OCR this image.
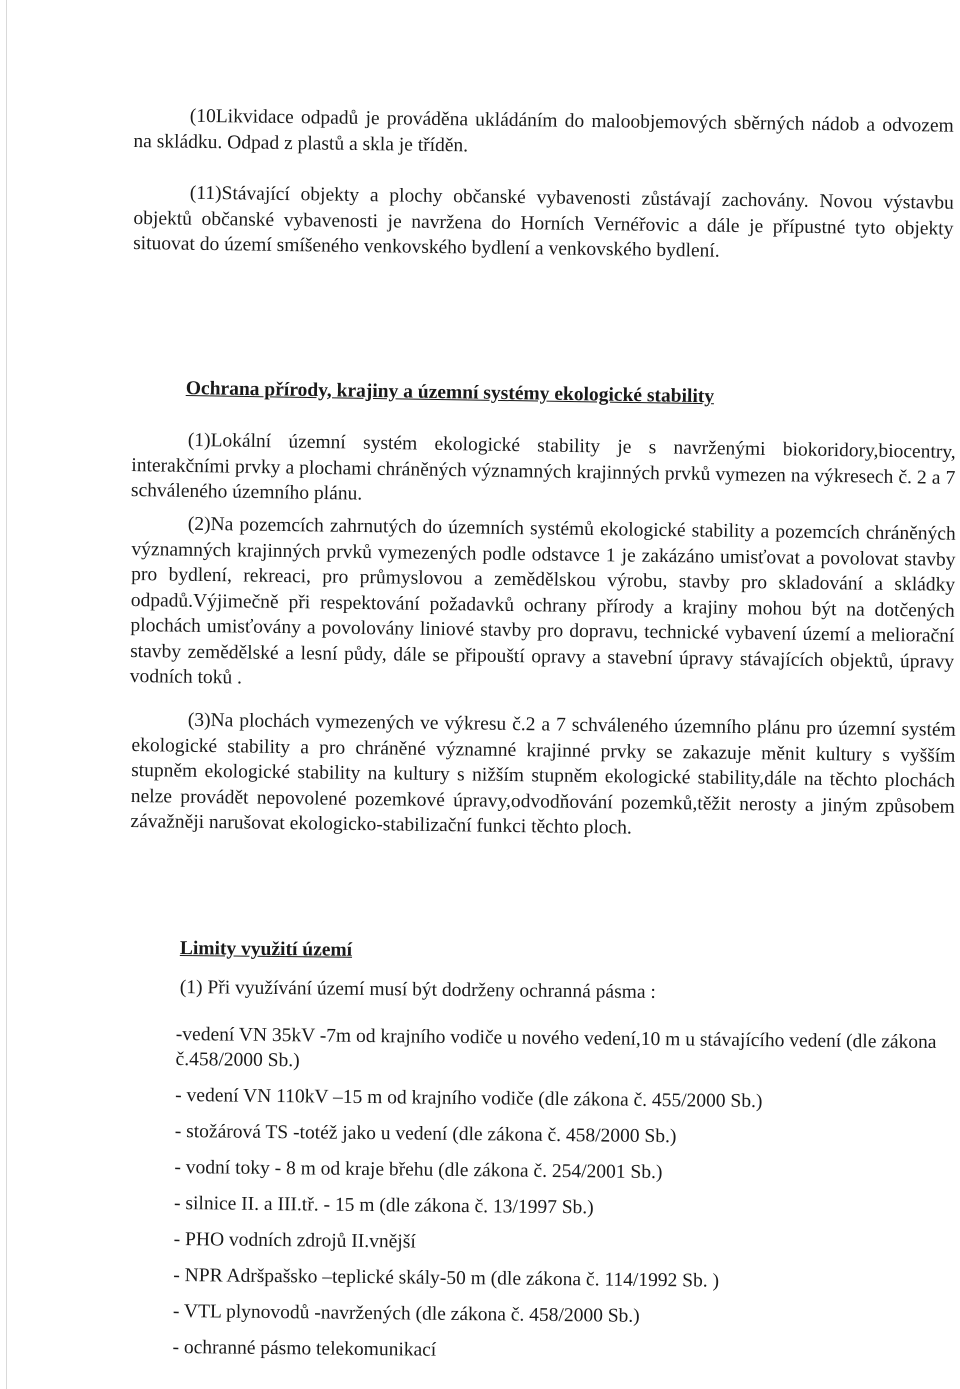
(10Likvidace odpadů je prováděna ukládáním do maloobjemových sběrných nádob a odvozem na skládku. Odpad z plastů a skla je tříděn.

(11)Stávající objekty a plochy občanské vybavenosti zůstávají zachovány. Novou výstavbu objektů občanské vybavenosti je navržena do Horních Vernéřovic a dále je přípustné tyto objekty situovat do území smíšeného venkovského bydlení a venkovského bydlení.

Ochrana přírody, krajiny a územní systémy ekologické stability

(1)Lokální územní systém ekologické stability je s navrženými biokoridory,biocentry, interakčními prvky a plochami chráněných významných krajinných prvků vymezen na výkresech č. 2 a 7 schváleného územního plánu.

(2)Na pozemcích zahrnutých do územních systémů ekologické stability a pozemcích chráněných významných krajinných prvků vymezených podle odstavce 1 je zakázáno umisťovat a povolovat stavby pro bydlení, rekreaci, pro průmyslovou a zemědělskou výrobu, stavby pro skladování a skládky odpadů.Výjimečně při respektování požadavků ochrany přírody a krajiny mohou být na dotčených plochách umisťovány a povolovány liniové stavby pro dopravu, technické vybavení území a meliorační stavby zemědělské a lesní půdy, dále se připouští opravy a stavební úpravy stávajících objektů, úpravy vodních toků .

(3)Na plochách vymezených ve výkresu č.2 a 7 schváleného územního plánu pro územní systém ekologické stability a pro chráněné významné krajinné prvky se zakazuje měnit kultury s vyšším stupněm ekologické stability na kultury s nižším stupněm ekologické stability,dále na těchto plochách nelze provádět nepovolené pozemkové úpravy,odvodňování pozemků,těžit nerosty a jiným způsobem závažněji narušovat ekologicko-stabilizační funkci těchto ploch.

Limity využití území

(1) Při využívání území musí být dodrženy ochranná pásma :

-vedení VN 35kV -7m od krajního vodiče u nového vedení,10 m u stávajícího vedení (dle zákona č.458/2000 Sb.)
- vedení VN 110kV –15 m od krajního vodiče (dle zákona č. 455/2000 Sb.)
- stožárová TS -totéž jako u vedení (dle zákona č. 458/2000 Sb.)
- vodní toky - 8 m od kraje břehu (dle zákona č. 254/2001 Sb.)
- silnice II. a III.tř. - 15 m (dle zákona č. 13/1997 Sb.)
- PHO vodních zdrojů II.vnější
- NPR Adršpašsko –teplické skály-50 m (dle zákona č. 114/1992 Sb. )
- VTL plynovodů -navržených (dle zákona č. 458/2000 Sb.)
- ochranné pásmo telekomunikací
